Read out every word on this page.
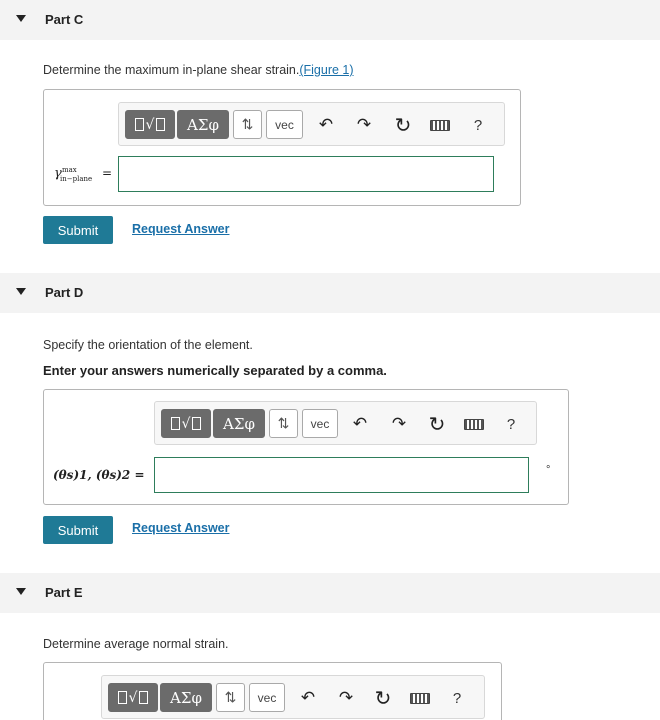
Part C
Determine the maximum in-plane shear strain.(Figure 1)
√	ΑΣφ	⇅	vec	↶ ↷ ↻	?
γ max
in−plane =
Submit	Request Answer
Part D
Specify the orientation of the element.
Enter your answers numerically separated by a comma.
√	ΑΣφ	⇅	vec	↶ ↷ ↻	?
(θs)1, (θs)2 =	°
Submit	Request Answer
Part E
Determine average normal strain.
√	ΑΣφ	⇅	vec	↶ ↷ ↻	?
